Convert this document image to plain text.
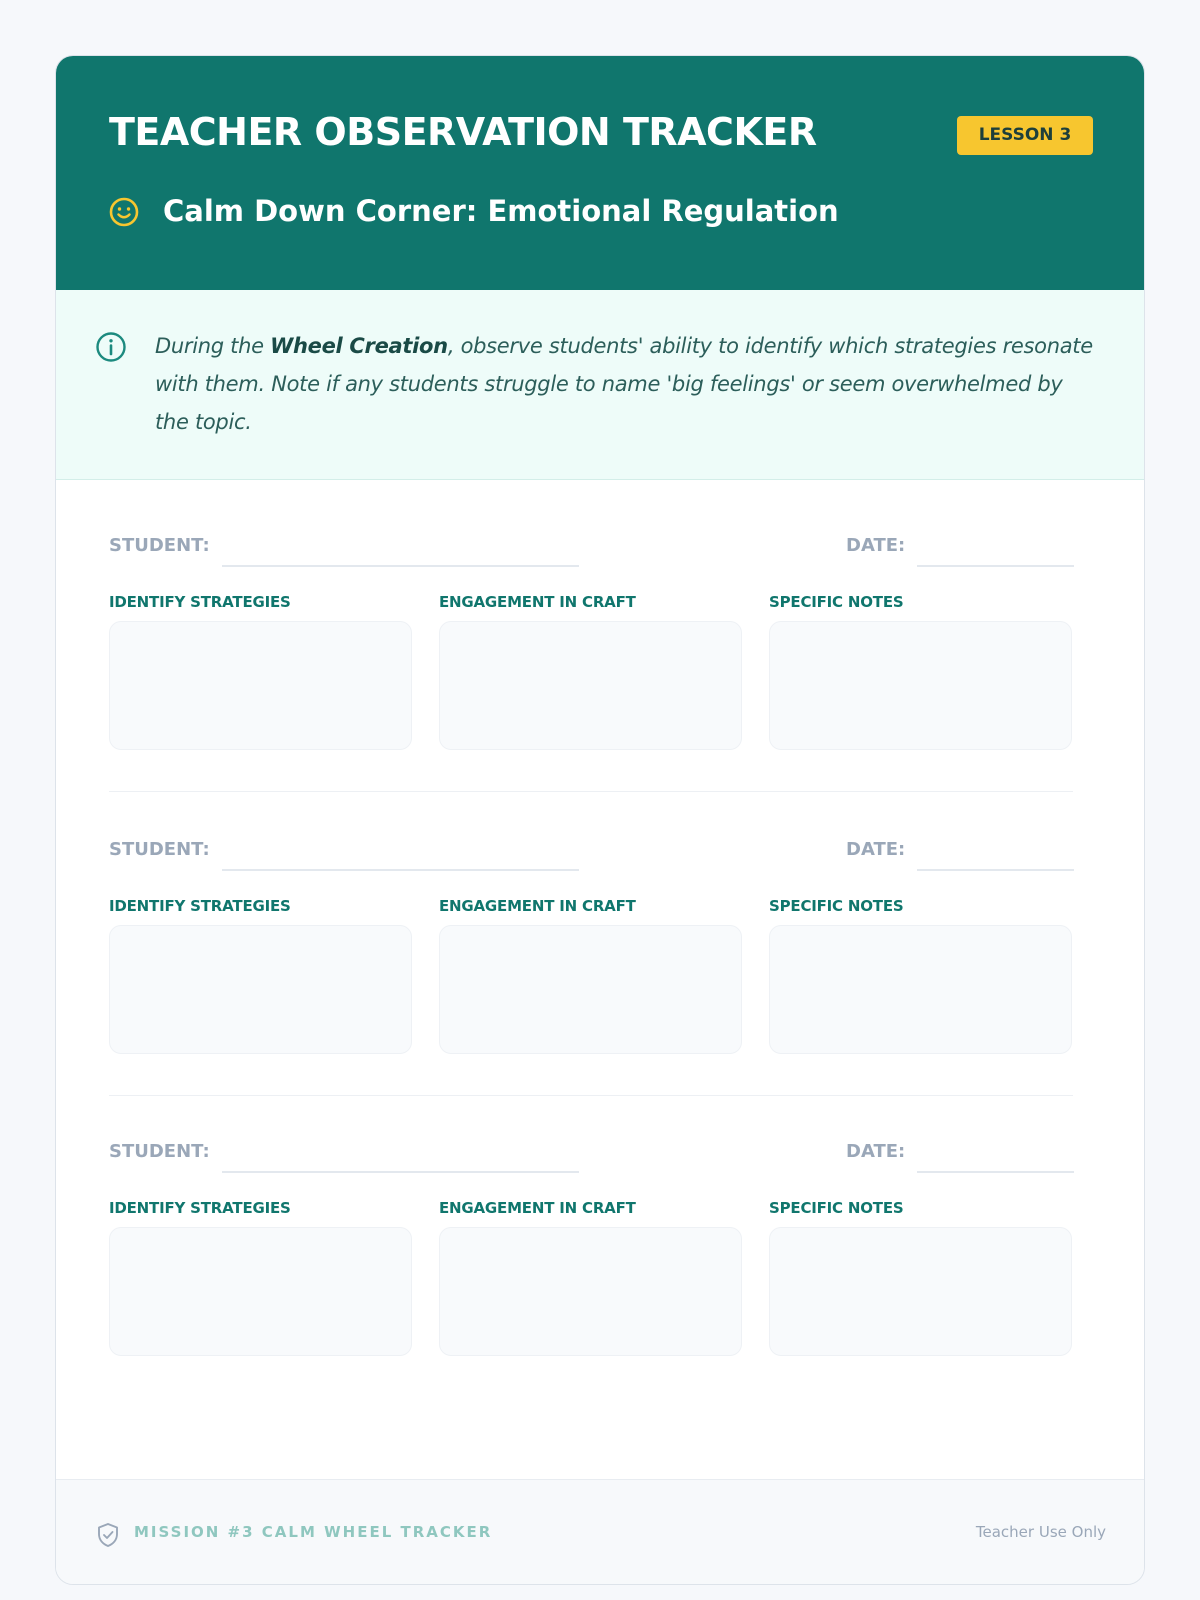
TEACHER OBSERVATION TRACKER	LESSON 3
Calm Down Corner: Emotional Regulation

During the Wheel Creation, observe students' ability to identify which strategies resonate with them. Note if any students struggle to name 'big feelings' or seem overwhelmed by the topic.

STUDENT:	DATE:
IDENTIFY STRATEGIES	ENGAGEMENT IN CRAFT	SPECIFIC NOTES
STUDENT:	DATE:
IDENTIFY STRATEGIES	ENGAGEMENT IN CRAFT	SPECIFIC NOTES
STUDENT:	DATE:
IDENTIFY STRATEGIES	ENGAGEMENT IN CRAFT	SPECIFIC NOTES
MISSION #3 CALM WHEEL TRACKER	Teacher Use Only
